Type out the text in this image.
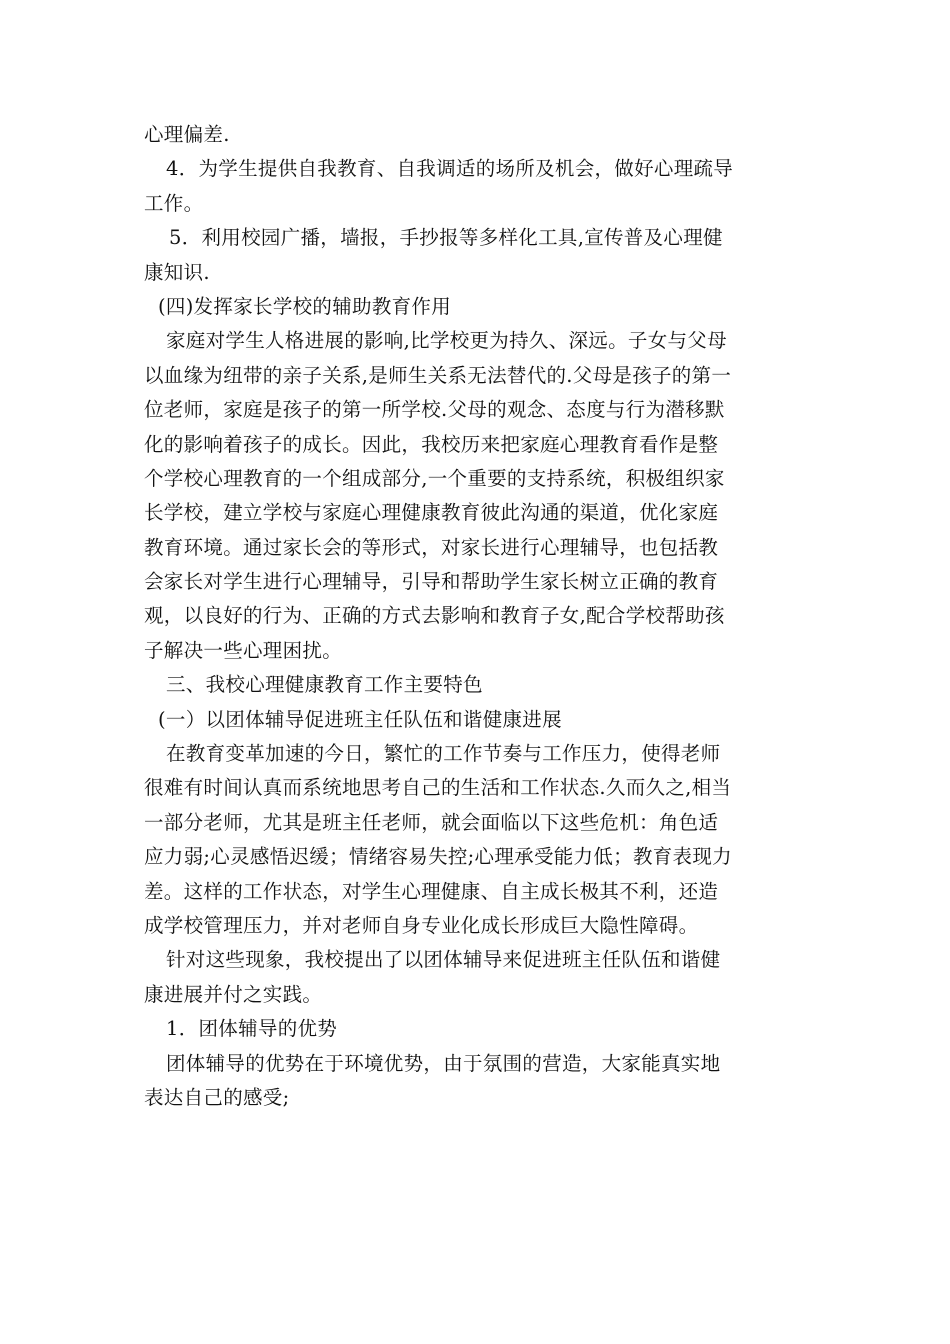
心理偏差.
4．为学生提供自我教育、自我调适的场所及机会，做好心理疏导
工作。
5．利用校园广播，墙报，手抄报等多样化工具,宣传普及心理健
康知识.
(四)发挥家长学校的辅助教育作用
家庭对学生人格进展的影响,比学校更为持久、深远。子女与父母
以血缘为纽带的亲子关系,是师生关系无法替代的.父母是孩子的第一
位老师，家庭是孩子的第一所学校.父母的观念、态度与行为潜移默
化的影响着孩子的成长。因此，我校历来把家庭心理教育看作是整
个学校心理教育的一个组成部分,一个重要的支持系统，积极组织家
长学校，建立学校与家庭心理健康教育彼此沟通的渠道，优化家庭
教育环境。通过家长会的等形式，对家长进行心理辅导，也包括教
会家长对学生进行心理辅导，引导和帮助学生家长树立正确的教育
观，以良好的行为、正确的方式去影响和教育子女,配合学校帮助孩
子解决一些心理困扰。
三、我校心理健康教育工作主要特色
(一）以团体辅导促进班主任队伍和谐健康进展
在教育变革加速的今日，繁忙的工作节奏与工作压力，使得老师
很难有时间认真而系统地思考自己的生活和工作状态.久而久之,相当
一部分老师，尤其是班主任老师，就会面临以下这些危机：角色适
应力弱;心灵感悟迟缓；情绪容易失控;心理承受能力低；教育表现力
差。这样的工作状态，对学生心理健康、自主成长极其不利，还造
成学校管理压力，并对老师自身专业化成长形成巨大隐性障碍。
针对这些现象，我校提出了以团体辅导来促进班主任队伍和谐健
康进展并付之实践。
1．团体辅导的优势
团体辅导的优势在于环境优势，由于氛围的营造，大家能真实地
表达自己的感受;
